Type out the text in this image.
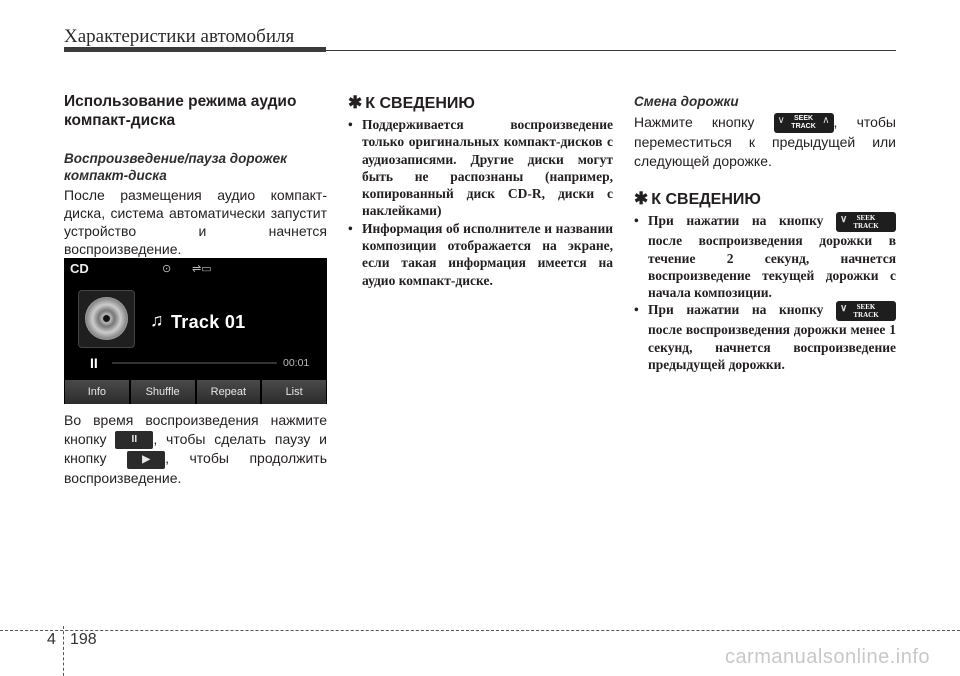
Характеристики автомобиля

Использование режима аудио компакт-диска

Воспроизведение/пауза дорожек компакт-диска

После размещения аудио компакт-диска, система автоматически запустит устройство и начнется воспроизведение.

CD	⊙ ⇌▭
♫ Track 01
II	00:01
Info	Shuffle	Repeat	List

Во время воспроизведения нажмите кнопку	II , чтобы сделать паузу и кнопку	▶ , чтобы продолжить воспроизведение.

✱ К СВЕДЕНИЮ

• Поддерживается воспроизведение только оригинальных компакт-дисков с аудиозаписями. Другие диски могут быть не распознаны (например, копированный диск CD-R, диски с наклейками)
• Информация об исполнителе и названии композиции отображается на экране, если такая информация имеется на аудио компакт-диске.

Смена дорожки

Нажмите кнопку ∨	SEEK
TRACK
∧ , чтобы переместиться к предыдущей или следующей дорожке.

✱ К СВЕДЕНИЮ

• При нажатии на кнопку ∨	SEEK
TRACK
после воспроизведения дорожки в течение 2 секунд, начнется воспроизведение текущей дорожки с начала композиции.
• При нажатии на кнопку ∨	SEEK
TRACK
после воспроизведения дорожки менее 1 секунд, начнется воспроизведение предыдущей дорожки.
4 198
carmanualsonline.info
